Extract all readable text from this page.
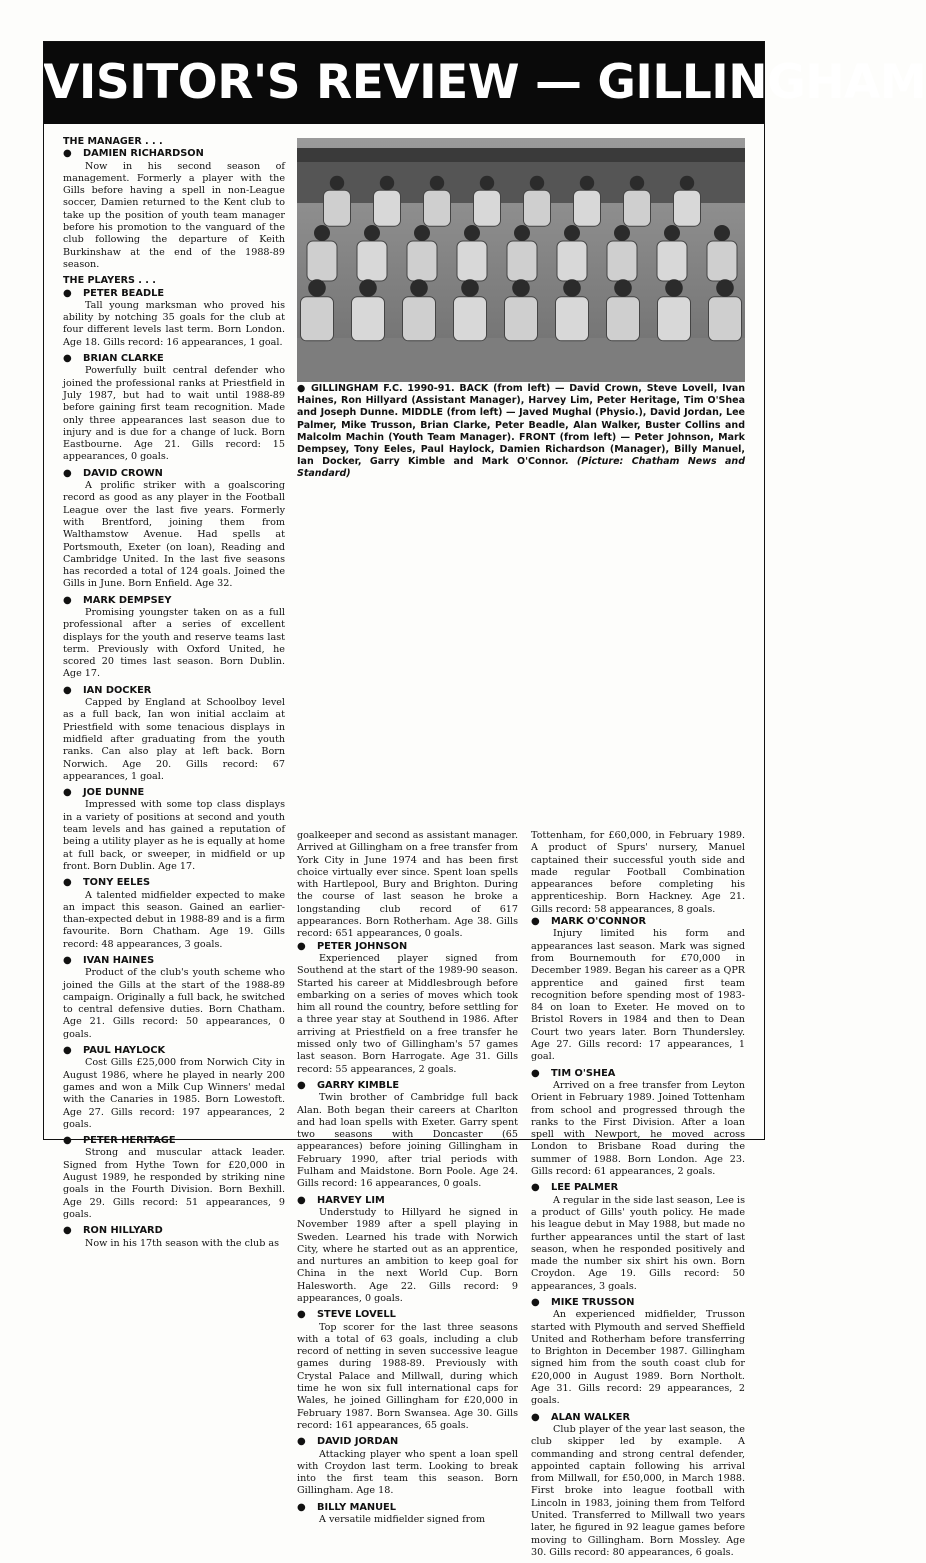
VISITOR'S REVIEW — GILLINGHAM
● GILLINGHAM F.C. 1990-91. BACK (from left) — David Crown, Steve Lovell, Ivan Haines, Ron Hillyard (Assistant Manager), Harvey Lim, Peter Heritage, Tim O'Shea and Joseph Dunne. MIDDLE (from left) — Javed Mughal (Physio.), David Jordan, Lee Palmer, Mike Trusson, Brian Clarke, Peter Beadle, Alan Walker, Buster Collins and Malcolm Machin (Youth Team Manager). FRONT (from left) — Peter Johnson, Mark Dempsey, Tony Eeles, Paul Haylock, Damien Richardson (Manager), Billy Manuel, Ian Docker, Garry Kimble and Mark O'Connor. (Picture: Chatham News and Standard)
THE MANAGER . . .

● DAMIEN RICHARDSON

Now in his second season of management. Formerly a player with the Gills before having a spell in non-League soccer, Damien returned to the Kent club to take up the position of youth team manager before his promotion to the vanguard of the club following the departure of Keith Burkinshaw at the end of the 1988-89 season.

THE PLAYERS . . .

● PETER BEADLE

Tall young marksman who proved his ability by notching 35 goals for the club at four different levels last term. Born London. Age 18. Gills record: 16 appearances, 1 goal.

● BRIAN CLARKE

Powerfully built central defender who joined the professional ranks at Priestfield in July 1987, but had to wait until 1988-89 before gaining first team recognition. Made only three appearances last season due to injury and is due for a change of luck. Born Eastbourne. Age 21. Gills record: 15 appearances, 0 goals.

● DAVID CROWN

A prolific striker with a goalscoring record as good as any player in the Football League over the last five years. Formerly with Brentford, joining them from Walthamstow Avenue. Had spells at Portsmouth, Exeter (on loan), Reading and Cambridge United. In the last five seasons has recorded a total of 124 goals. Joined the Gills in June. Born Enfield. Age 32.

● MARK DEMPSEY

Promising youngster taken on as a full professional after a series of excellent displays for the youth and reserve teams last term. Previously with Oxford United, he scored 20 times last season. Born Dublin. Age 17.

● IAN DOCKER

Capped by England at Schoolboy level as a full back, Ian won initial acclaim at Priestfield with some tenacious displays in midfield after graduating from the youth ranks. Can also play at left back. Born Norwich. Age 20. Gills record: 67 appearances, 1 goal.

● JOE DUNNE

Impressed with some top class displays in a variety of positions at second and youth team levels and has gained a reputation of being a utility player as he is equally at home at full back, or sweeper, in midfield or up front. Born Dublin. Age 17.

● TONY EELES

A talented midfielder expected to make an impact this season. Gained an earlier-than-expected debut in 1988-89 and is a firm favourite. Born Chatham. Age 19. Gills record: 48 appearances, 3 goals.

● IVAN HAINES

Product of the club's youth scheme who joined the Gills at the start of the 1988-89 campaign. Originally a full back, he switched to central defensive duties. Born Chatham. Age 21. Gills record: 50 appearances, 0 goals.

● PAUL HAYLOCK

Cost Gills £25,000 from Norwich City in August 1986, where he played in nearly 200 games and won a Milk Cup Winners' medal with the Canaries in 1985. Born Lowestoft. Age 27. Gills record: 197 appearances, 2 goals.

● PETER HERITAGE

Strong and muscular attack leader. Signed from Hythe Town for £20,000 in August 1989, he responded by striking nine goals in the Fourth Division. Born Bexhill. Age 29. Gills record: 51 appearances, 9 goals.

● RON HILLYARD

Now in his 17th season with the club as

goalkeeper and second as assistant manager. Arrived at Gillingham on a free transfer from York City in June 1974 and has been first choice virtually ever since. Spent loan spells with Hartlepool, Bury and Brighton. During the course of last season he broke a longstanding club record of 617 appearances. Born Rotherham. Age 38. Gills record: 651 appearances, 0 goals.

● PETER JOHNSON

Experienced player signed from Southend at the start of the 1989-90 season. Started his career at Middlesbrough before embarking on a series of moves which took him all round the country, before settling for a three year stay at Southend in 1986. After arriving at Priestfield on a free transfer he missed only two of Gillingham's 57 games last season. Born Harrogate. Age 31. Gills record: 55 appearances, 2 goals.

● GARRY KIMBLE

Twin brother of Cambridge full back Alan. Both began their careers at Charlton and had loan spells with Exeter. Garry spent two seasons with Doncaster (65 appearances) before joining Gillingham in February 1990, after trial periods with Fulham and Maidstone. Born Poole. Age 24. Gills record: 16 appearances, 0 goals.

● HARVEY LIM

Understudy to Hillyard he signed in November 1989 after a spell playing in Sweden. Learned his trade with Norwich City, where he started out as an apprentice, and nurtures an ambition to keep goal for China in the next World Cup. Born Halesworth. Age 22. Gills record: 9 appearances, 0 goals.

● STEVE LOVELL

Top scorer for the last three seasons with a total of 63 goals, including a club record of netting in seven successive league games during 1988-89. Previously with Crystal Palace and Millwall, during which time he won six full international caps for Wales, he joined Gillingham for £20,000 in February 1987. Born Swansea. Age 30. Gills record: 161 appearances, 65 goals.

● DAVID JORDAN

Attacking player who spent a loan spell with Croydon last term. Looking to break into the first team this season. Born Gillingham. Age 18.

● BILLY MANUEL

A versatile midfielder signed from

Tottenham, for £60,000, in February 1989. A product of Spurs' nursery, Manuel captained their successful youth side and made regular Football Combination appearances before completing his apprenticeship. Born Hackney. Age 21. Gills record: 58 appearances, 8 goals.

● MARK O'CONNOR

Injury limited his form and appearances last season. Mark was signed from Bournemouth for £70,000 in December 1989. Began his career as a QPR apprentice and gained first team recognition before spending most of 1983-84 on loan to Exeter. He moved on to Bristol Rovers in 1984 and then to Dean Court two years later. Born Thundersley. Age 27. Gills record: 17 appearances, 1 goal.

● TIM O'SHEA

Arrived on a free transfer from Leyton Orient in February 1989. Joined Tottenham from school and progressed through the ranks to the First Division. After a loan spell with Newport, he moved across London to Brisbane Road during the summer of 1988. Born London. Age 23. Gills record: 61 appearances, 2 goals.

● LEE PALMER

A regular in the side last season, Lee is a product of Gills' youth policy. He made his league debut in May 1988, but made no further appearances until the start of last season, when he responded positively and made the number six shirt his own. Born Croydon. Age 19. Gills record: 50 appearances, 3 goals.

● MIKE TRUSSON

An experienced midfielder, Trusson started with Plymouth and served Sheffield United and Rotherham before transferring to Brighton in December 1987. Gillingham signed him from the south coast club for £20,000 in August 1989. Born Northolt. Age 31. Gills record: 29 appearances, 2 goals.

● ALAN WALKER

Club player of the year last season, the club skipper led by example. A commanding and strong central defender, appointed captain following his arrival from Millwall, for £50,000, in March 1988. First broke into league football with Lincoln in 1983, joining them from Telford United. Transferred to Millwall two years later, he figured in 92 league games before moving to Gillingham. Born Mossley. Age 30. Gills record: 80 appearances, 6 goals.
